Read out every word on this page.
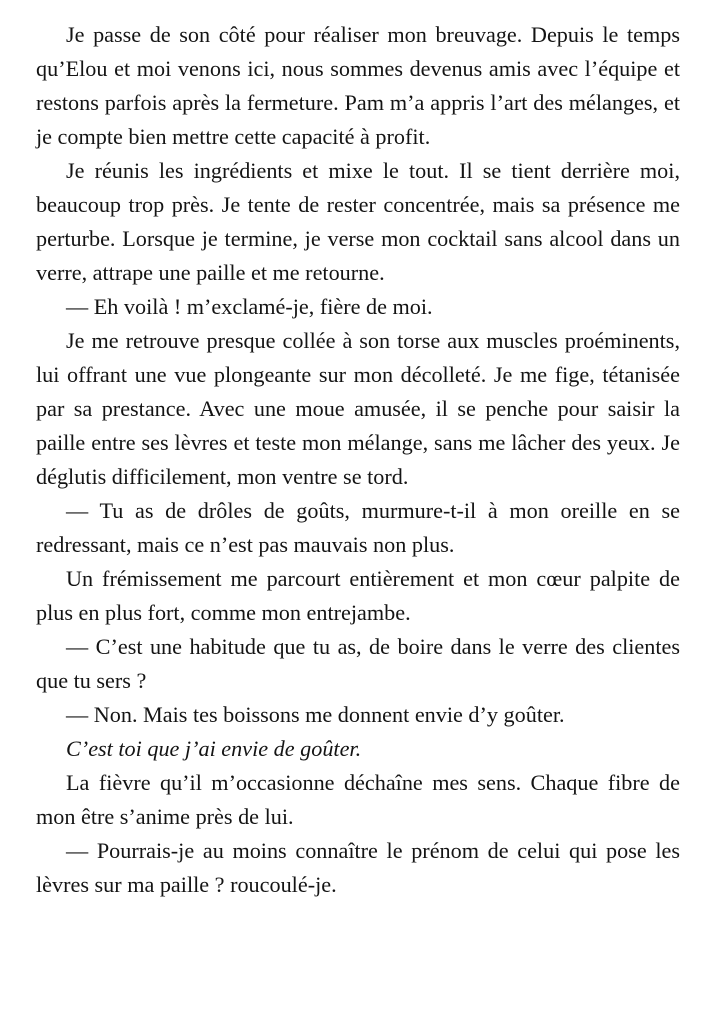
Je passe de son côté pour réaliser mon breuvage. Depuis le temps qu’Elou et moi venons ici, nous sommes devenus amis avec l’équipe et restons parfois après la fermeture. Pam m’a appris l’art des mélanges, et je compte bien mettre cette capacité à profit.

Je réunis les ingrédients et mixe le tout. Il se tient derrière moi, beaucoup trop près. Je tente de rester concentrée, mais sa présence me perturbe. Lorsque je termine, je verse mon cocktail sans alcool dans un verre, attrape une paille et me retourne.

— Eh voilà ! m’exclamé-je, fière de moi.

Je me retrouve presque collée à son torse aux muscles proéminents, lui offrant une vue plongeante sur mon décolleté. Je me fige, tétanisée par sa prestance. Avec une moue amusée, il se penche pour saisir la paille entre ses lèvres et teste mon mélange, sans me lâcher des yeux. Je déglutis difficilement, mon ventre se tord.

— Tu as de drôles de goûts, murmure-t-il à mon oreille en se redressant, mais ce n’est pas mauvais non plus.

Un frémissement me parcourt entièrement et mon cœur palpite de plus en plus fort, comme mon entrejambe.

— C’est une habitude que tu as, de boire dans le verre des clientes que tu sers ?

— Non. Mais tes boissons me donnent envie d’y goûter.

C’est toi que j’ai envie de goûter.

La fièvre qu’il m’occasionne déchaîne mes sens. Chaque fibre de mon être s’anime près de lui.

— Pourrais-je au moins connaître le prénom de celui qui pose les lèvres sur ma paille ? roucoulé-je.
